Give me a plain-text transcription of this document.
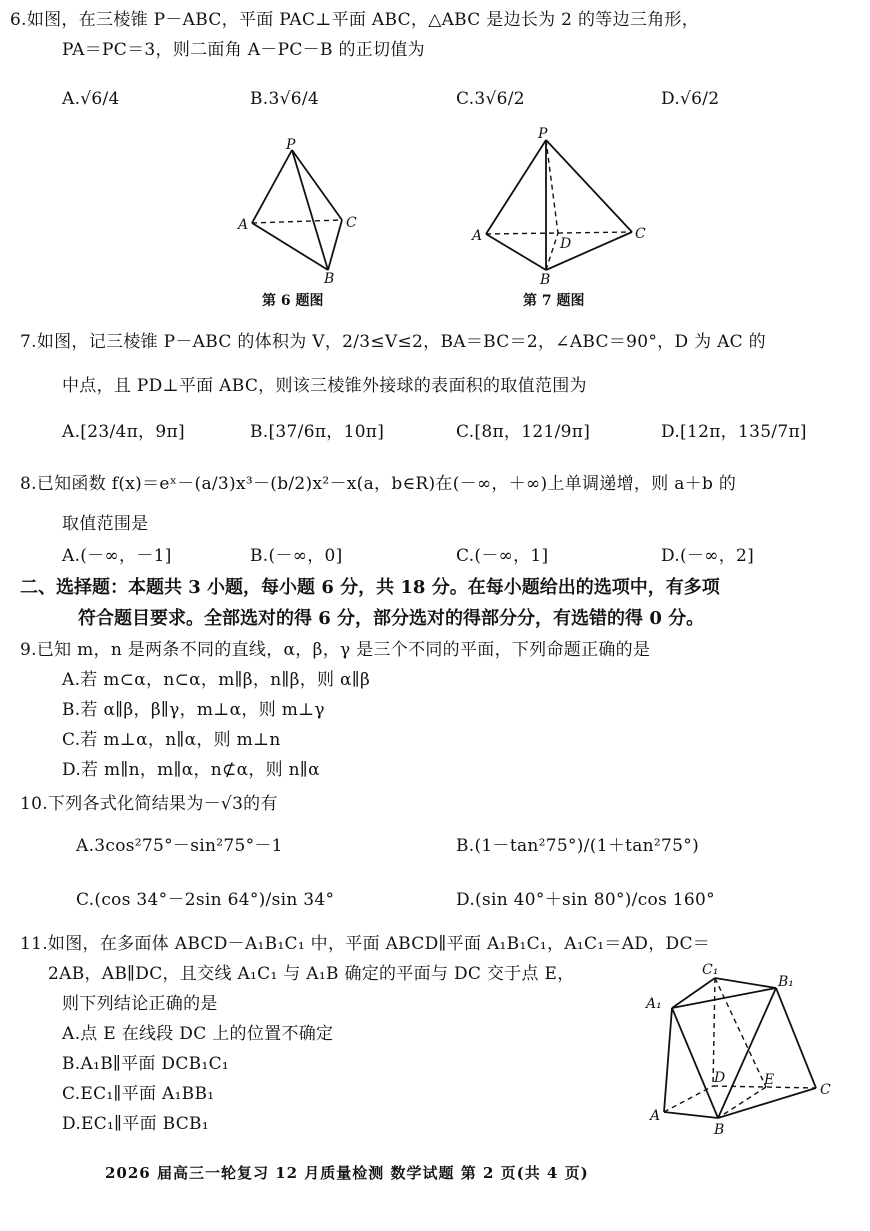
6.如图，在三棱锥 P－ABC，平面 PAC⊥平面 ABC，△ABC 是边长为 2 的等边三角形，
PA＝PC＝3，则二面角 A－PC－B 的正切值为
A.√6/4	B.3√6/4	C.3√6/2	D.√6/2
P
A	C
B
第 6 题图
P
A	D
C
B
第 7 题图
7.如图，记三棱锥 P－ABC 的体积为 V，2/3≤V≤2，BA＝BC＝2，∠ABC＝90°，D 为 AC 的
中点，且 PD⊥平面 ABC，则该三棱锥外接球的表面积的取值范围为
A.[23/4π，9π]	B.[37/6π，10π]	C.[8π，121/9π]	D.[12π，135/7π]
8.已知函数 f(x)＝eˣ－(a/3)x³－(b/2)x²－x(a，b∈R)在(－∞，＋∞)上单调递增，则 a＋b 的
取值范围是
A.(－∞，－1]	B.(－∞，0]	C.(－∞，1]	D.(－∞，2]
二、选择题：本题共 3 小题，每小题 6 分，共 18 分。在每小题给出的选项中，有多项
符合题目要求。全部选对的得 6 分，部分选对的得部分分，有选错的得 0 分。
9.已知 m，n 是两条不同的直线，α，β，γ 是三个不同的平面，下列命题正确的是
A.若 m⊂α，n⊂α，m∥β，n∥β，则 α∥β
B.若 α∥β，β∥γ，m⊥α，则 m⊥γ
C.若 m⊥α，n∥α，则 m⊥n
D.若 m∥n，m∥α，n⊄α，则 n∥α
10.下列各式化简结果为－√3的有
A.3cos²75°－sin²75°－1	B.(1－tan²75°)/(1＋tan²75°)
C.(cos 34°－2sin 64°)/sin 34°	D.(sin 40°＋sin 80°)/cos 160°
11.如图，在多面体 ABCD－A₁B₁C₁ 中，平面 ABCD∥平面 A₁B₁C₁，A₁C₁＝AD，DC＝
2AB，AB∥DC，且交线 A₁C₁ 与 A₁B 确定的平面与 DC 交于点 E，
则下列结论正确的是
A.点 E 在线段 DC 上的位置不确定
B.A₁B∥平面 DCB₁C₁
C.EC₁∥平面 A₁BB₁
D.EC₁∥平面 BCB₁
C₁
B₁
A₁
D	E
C
A
B
2026 届高三一轮复习 12 月质量检测 数学试题 第 2 页(共 4 页)
